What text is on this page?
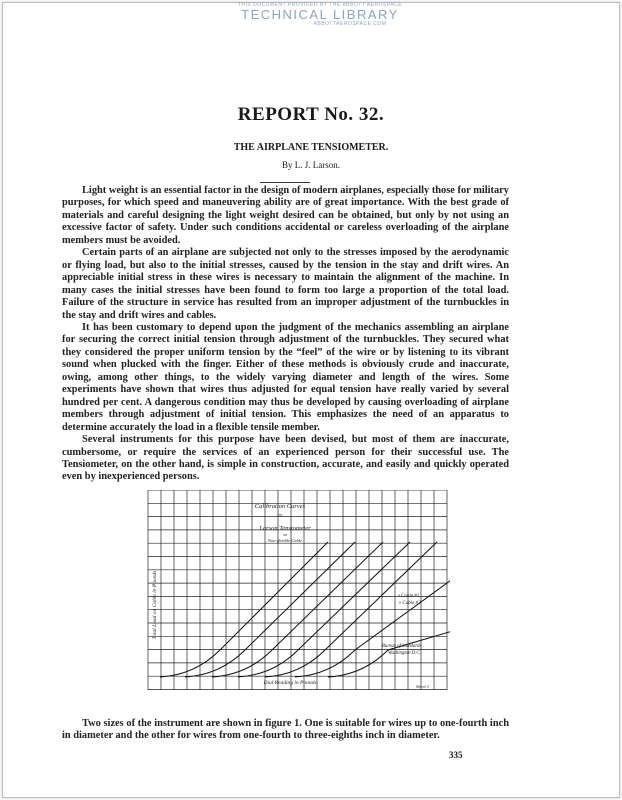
THIS DOCUMENT PROVIDED BY THE ABBOTT AEROSPACE
TECHNICAL LIBRARY
ABBOTTAEROSPACE.COM
REPORT No. 32.
THE AIRPLANE TENSIOMETER.
By L. J. Larson.

Light weight is an essential factor in the design of modern airplanes, especially those for military purposes, for which speed and maneuvering ability are of great importance. With the best grade of materials and careful designing the light weight desired can be obtained, but only by not using an excessive factor of safety. Under such conditions accidental or careless overloading of the airplane members must be avoided.

Certain parts of an airplane are subjected not only to the stresses imposed by the aerodynamic or flying load, but also to the initial stresses, caused by the tension in the stay and drift wires. An appreciable initial stress in these wires is necessary to maintain the alignment of the machine. In many cases the initial stresses have been found to form too large a proportion of the total load. Failure of the structure in service has resulted from an improper adjustment of the turnbuckles in the stay and drift wires and cables.

It has been customary to depend upon the judgment of the mechanics assembling an airplane for securing the correct initial tension through adjustment of the turnbuckles. They secured what they considered the proper uniform tension by the “feel” of the wire or by listening to its vibrant sound when plucked with the finger. Either of these methods is obviously crude and inaccurate, owing, among other things, to the widely varying diameter and length of the wires. Some experiments have shown that wires thus adjusted for equal tension have really varied by several hundred per cent. A dangerous condition may thus be developed by causing overloading of airplane members through adjustment of initial tension. This emphasizes the need of an apparatus to determine accurately the load in a flexible tensile member.

Several instruments for this purpose have been devised, but most of them are inaccurate, cumbersome, or require the services of an experienced person for their successful use. The Tensiometer, on the other hand, is simple in construction, accurate, and easily and quickly operated even by inexperienced persons.

Calibration Curves
for
Larson Tensiometer
on
Non-flexible Cable
Total Load on Cable in Pounds
Dial Reading in Pounds
• Cable #1
∘ Cable #2
Bureau of Standards
Washington D.C.
Sheet 1

Two sizes of the instrument are shown in figure 1. One is suitable for wires up to one-fourth inch in diameter and the other for wires from one-fourth to three-eighths inch in diameter.

335
